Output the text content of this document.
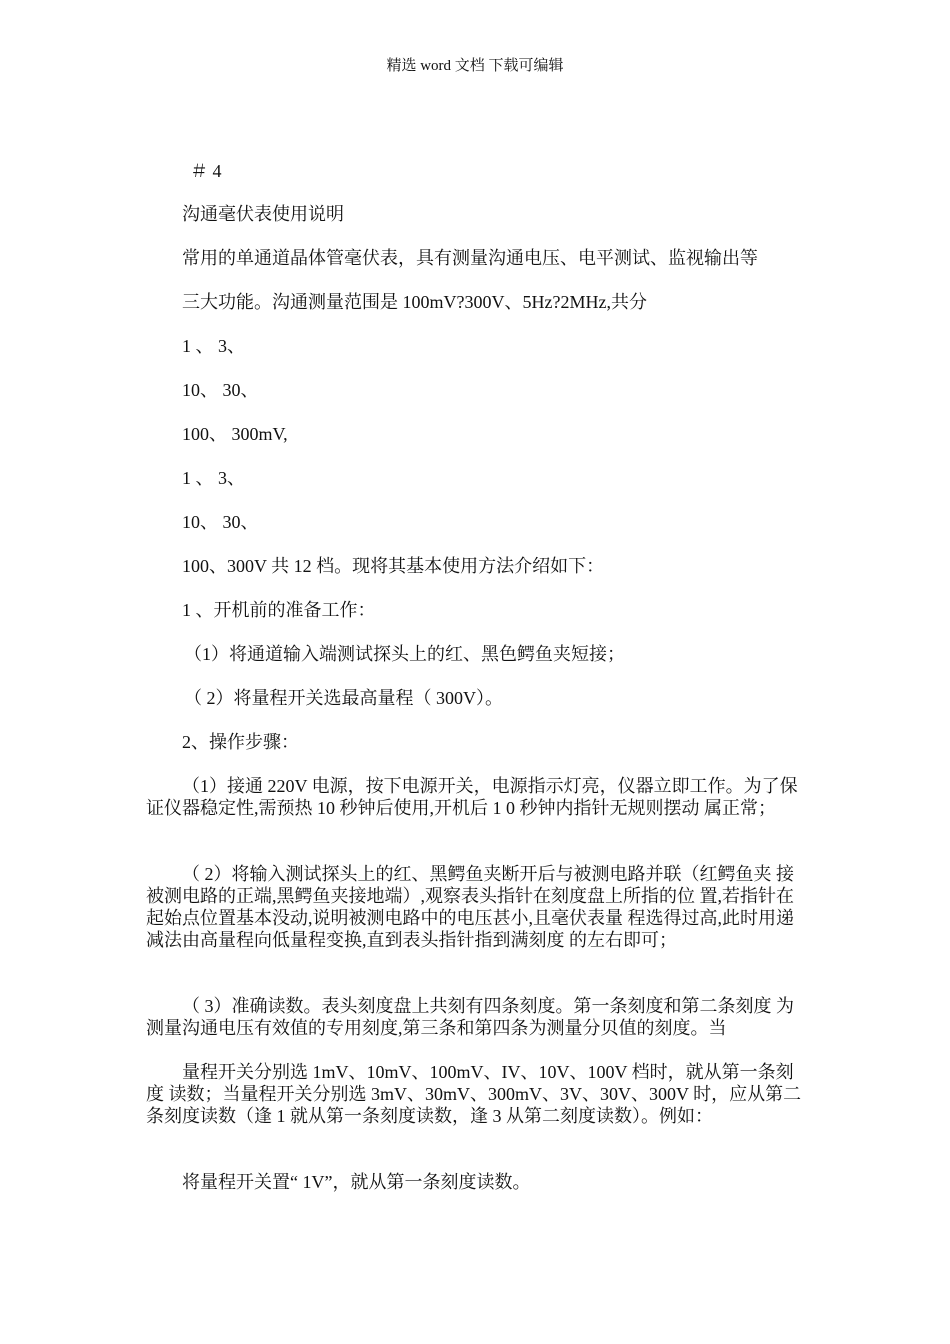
精选 word 文档 下载可编辑
＃ 4
沟通毫伏表使用说明
常用的单通道晶体管毫伏表，具有测量沟通电压、电平测试、监视输出等
三大功能。沟通测量范围是 100mV?300V、5Hz?2MHz,共分
1 、 3、
10、 30、
100、 300mV,
1 、 3、
10、 30、
100、300V 共 12 档。现将其基本使用方法介绍如下：
1 、开机前的准备工作：
（1）将通道输入端测试探头上的红、黑色鳄鱼夹短接；
（ 2）将量程开关选最高量程（ 300V）。
2、操作步骤：
（1）接通 220V 电源，按下电源开关，电源指示灯亮，仪器立即工作。为了保证仪器稳定性,需预热 10 秒钟后使用,开机后 1 0 秒钟内指针无规则摆动 属正常；
（ 2）将输入测试探头上的红、黑鳄鱼夹断开后与被测电路并联（红鳄鱼夹 接被测电路的正端,黑鳄鱼夹接地端）,观察表头指针在刻度盘上所指的位 置,若指针在起始点位置基本没动,说明被测电路中的电压甚小,且毫伏表量 程选得过高,此时用递减法由高量程向低量程变换,直到表头指针指到满刻度 的左右即可；
（ 3）准确读数。表头刻度盘上共刻有四条刻度。第一条刻度和第二条刻度 为测量沟通电压有效值的专用刻度,第三条和第四条为测量分贝值的刻度。当
量程开关分别选 1mV、10mV、100mV、IV、10V、100V 档时，就从第一条刻度 读数；当量程开关分别选 3mV、30mV、300mV、3V、30V、300V 时，应从第二 条刻度读数（逢 1 就从第一条刻度读数，逢 3 从第二刻度读数）。例如：
将量程开关置“ 1V”，就从第一条刻度读数。
